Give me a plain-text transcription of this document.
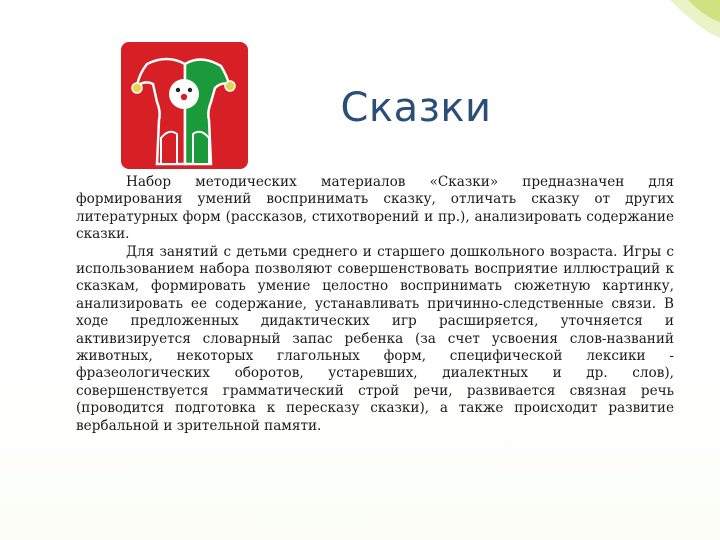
Сказки

Набор методических материалов «Сказки» предназначен для формирования умений воспринимать сказку, отличать сказку от других литературных форм (рассказов, стихотворений и пр.), анализировать содержание сказки.

Для занятий с детьми среднего и старшего дошкольного возраста. Игры с использованием набора позволяют совершенствовать восприятие иллюстраций к сказкам, формировать умение целостно воспринимать сюжетную картинку, анализировать ее содержание, устанавливать причинно-следственные связи. В ходе предложенных дидактических игр расширяется, уточняется и активизируется словарный запас ребенка (за счет усвоения слов-названий животных, некоторых глагольных форм, специфической лексики - фразеологических оборотов, устаревших, диалектных и др. слов), совершенствуется грамматический строй речи, развивается связная речь (проводится подготовка к пересказу сказки), а также происходит развитие вербальной и зрительной памяти.
